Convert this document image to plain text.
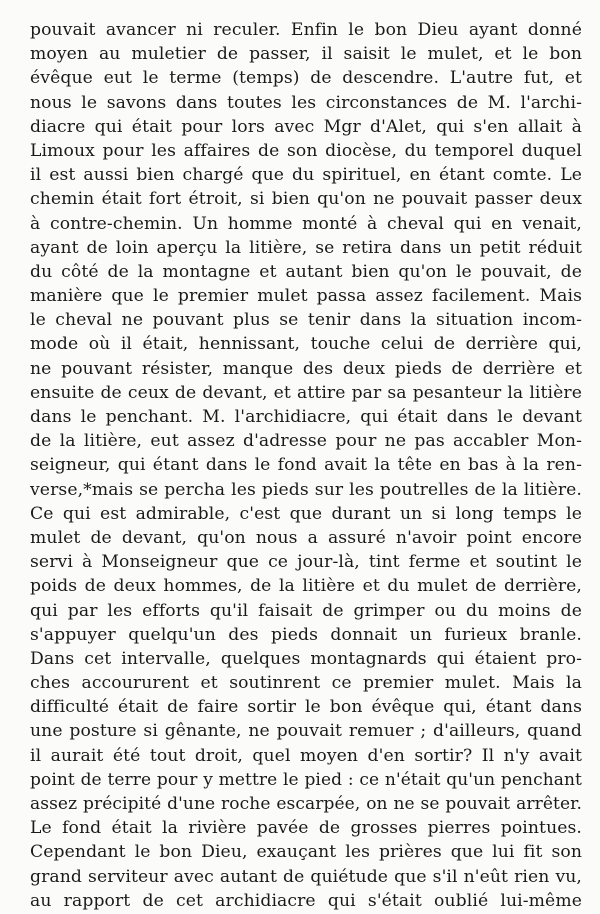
pouvait avancer ni reculer. Enfin le bon Dieu ayant donné
moyen au muletier de passer, il saisit le mulet, et le bon
évêque eut le terme (temps) de descendre. L'autre fut, et
nous le savons dans toutes les circonstances de M. l'archi-
diacre qui était pour lors avec Mgr d'Alet, qui s'en allait à
Limoux pour les affaires de son diocèse, du temporel duquel
il est aussi bien chargé que du spirituel, en étant comte. Le
chemin était fort étroit, si bien qu'on ne pouvait passer deux
à contre-chemin. Un homme monté à cheval qui en venait,
ayant de loin aperçu la litière, se retira dans un petit réduit
du côté de la montagne et autant bien qu'on le pouvait, de
manière que le premier mulet passa assez facilement. Mais
le cheval ne pouvant plus se tenir dans la situation incom-
mode où il était, hennissant, touche celui de derrière qui,
ne pouvant résister, manque des deux pieds de derrière et
ensuite de ceux de devant, et attire par sa pesanteur la litière
dans le penchant. M. l'archidiacre, qui était dans le devant
de la litière, eut assez d'adresse pour ne pas accabler Mon-
seigneur, qui étant dans le fond avait la tête en bas à la ren-
verse,*mais se percha les pieds sur les poutrelles de la litière.
Ce qui est admirable, c'est que durant un si long temps le
mulet de devant, qu'on nous a assuré n'avoir point encore
servi à Monseigneur que ce jour-là, tint ferme et soutint le
poids de deux hommes, de la litière et du mulet de derrière,
qui par les efforts qu'il faisait de grimper ou du moins de
s'appuyer quelqu'un des pieds donnait un furieux branle.
Dans cet intervalle, quelques montagnards qui étaient pro-
ches accoururent et soutinrent ce premier mulet. Mais la
difficulté était de faire sortir le bon évêque qui, étant dans
une posture si gênante, ne pouvait remuer ; d'ailleurs, quand
il aurait été tout droit, quel moyen d'en sortir? Il n'y avait
point de terre pour y mettre le pied : ce n'était qu'un penchant
assez précipité d'une roche escarpée, on ne se pouvait arrêter.
Le fond était la rivière pavée de grosses pierres pointues.
Cependant le bon Dieu, exauçant les prières que lui fit son
grand serviteur avec autant de quiétude que s'il n'eût rien vu,
au rapport de cet archidiacre qui s'était oublié lui-même
